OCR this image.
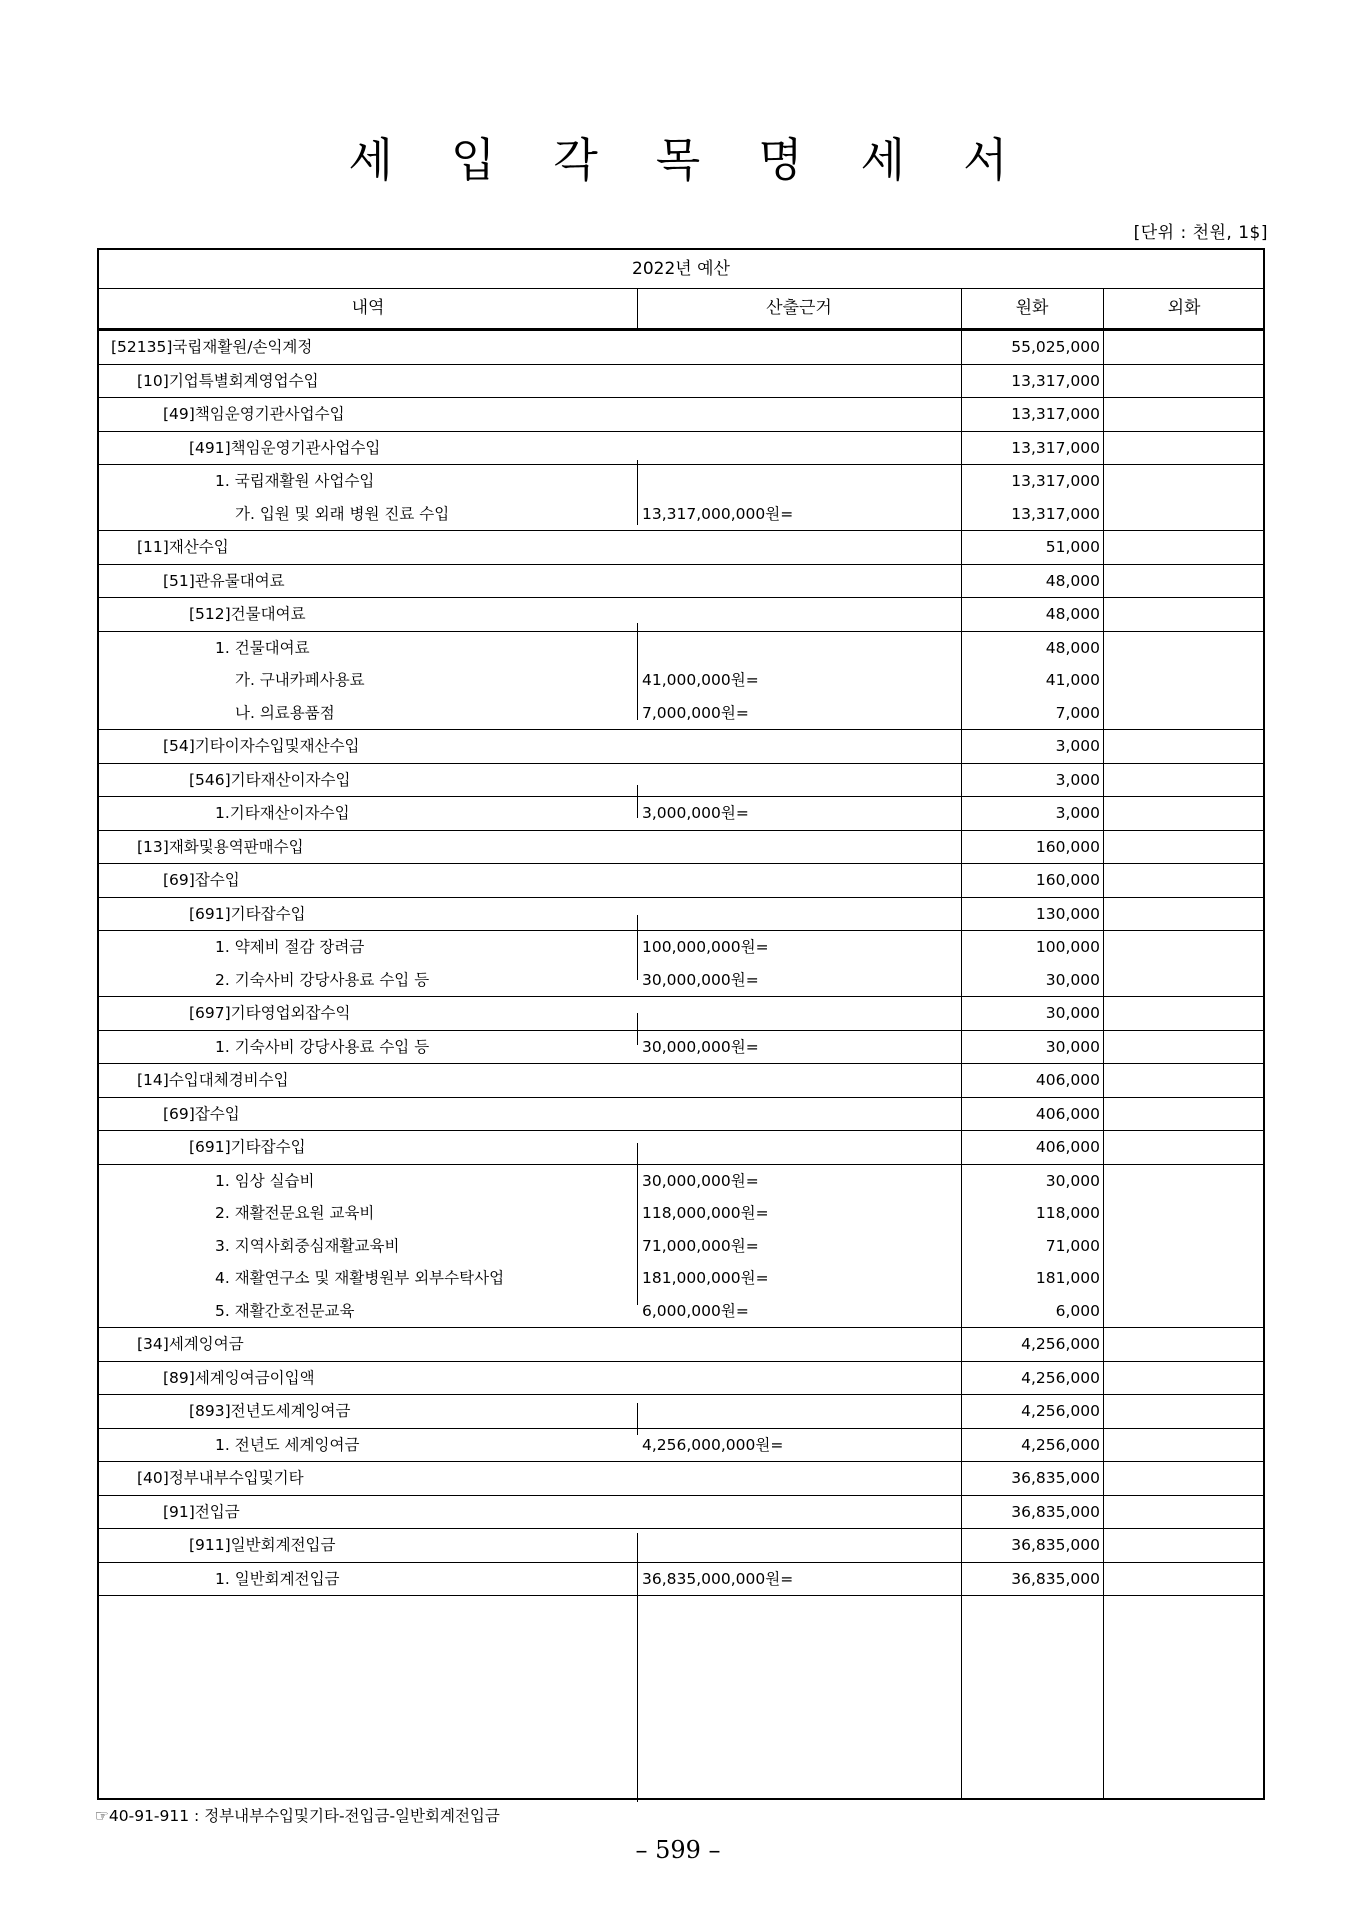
세입각목명세서
[단위 : 천원, 1$]
2022년 예산
내역	산출근거	원화	외화
[52135]국립재활원/손익계정	55,025,000
[10]기업특별회계영업수입	13,317,000
[49]책임운영기관사업수입	13,317,000
[491]책임운영기관사업수입	13,317,000
1. 국립재활원 사업수입	13,317,000
가. 입원 및 외래 병원 진료 수입	13,317,000,000원=	13,317,000
[11]재산수입	51,000
[51]관유물대여료	48,000
[512]건물대여료	48,000
1. 건물대여료	48,000
가. 구내카페사용료	41,000,000원=	41,000
나. 의료용품점	7,000,000원=	7,000
[54]기타이자수입및재산수입	3,000
[546]기타재산이자수입	3,000
1.기타재산이자수입	3,000,000원=	3,000
[13]재화및용역판매수입	160,000
[69]잡수입	160,000
[691]기타잡수입	130,000
1. 약제비 절감 장려금	100,000,000원=	100,000
2. 기숙사비 강당사용료 수입 등	30,000,000원=	30,000
[697]기타영업외잡수익	30,000
1. 기숙사비 강당사용료 수입 등	30,000,000원=	30,000
[14]수입대체경비수입	406,000
[69]잡수입	406,000
[691]기타잡수입	406,000
1. 임상 실습비	30,000,000원=	30,000
2. 재활전문요원 교육비	118,000,000원=	118,000
3. 지역사회중심재활교육비	71,000,000원=	71,000
4. 재활연구소 및 재활병원부 외부수탁사업	181,000,000원=	181,000
5. 재활간호전문교육	6,000,000원=	6,000
[34]세계잉여금	4,256,000
[89]세계잉여금이입액	4,256,000
[893]전년도세계잉여금	4,256,000
1. 전년도 세계잉여금	4,256,000,000원=	4,256,000
[40]정부내부수입및기타	36,835,000
[91]전입금	36,835,000
[911]일반회계전입금	36,835,000
1. 일반회계전입금	36,835,000,000원=	36,835,000
☞40-91-911 : 정부내부수입및기타-전입금-일반회계전입금
– 599 –
